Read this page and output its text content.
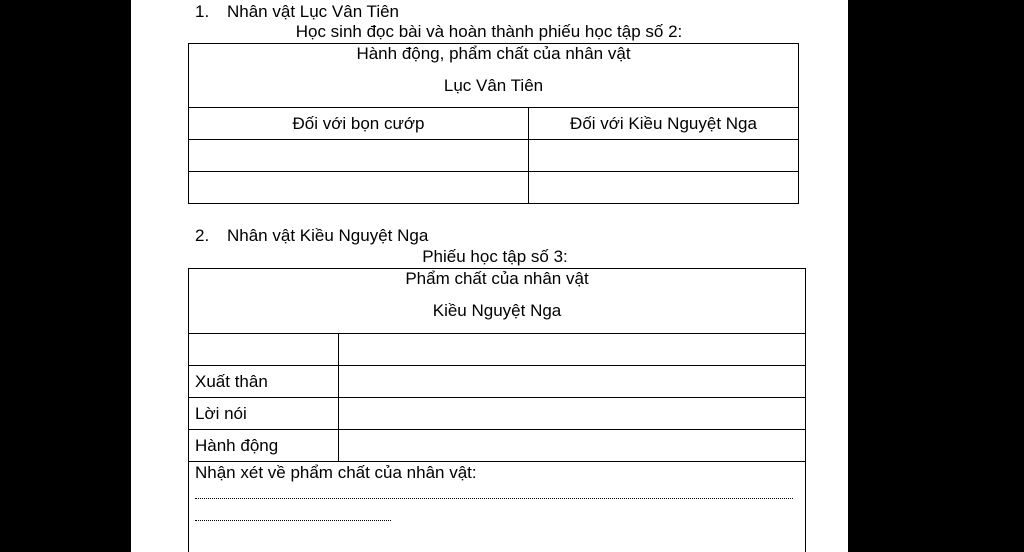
1. Nhân vật Lục Vân Tiên
Học sinh đọc bài và hoàn thành phiếu học tập số 2:
Hành động, phẩm chất của nhân vật
Lục Vân Tiên	

Đối với bọn cướp	Đối với Kiều Nguyệt Nga

2. Nhân vật Kiều Nguyệt Nga
Phiếu học tập số 3:
Phẩm chất của nhân vật
Kiều Nguyệt Nga	

Xuất thân	
Lời nói	
Hành động	

Nhận xét về phẩm chất của nhân vật:	
